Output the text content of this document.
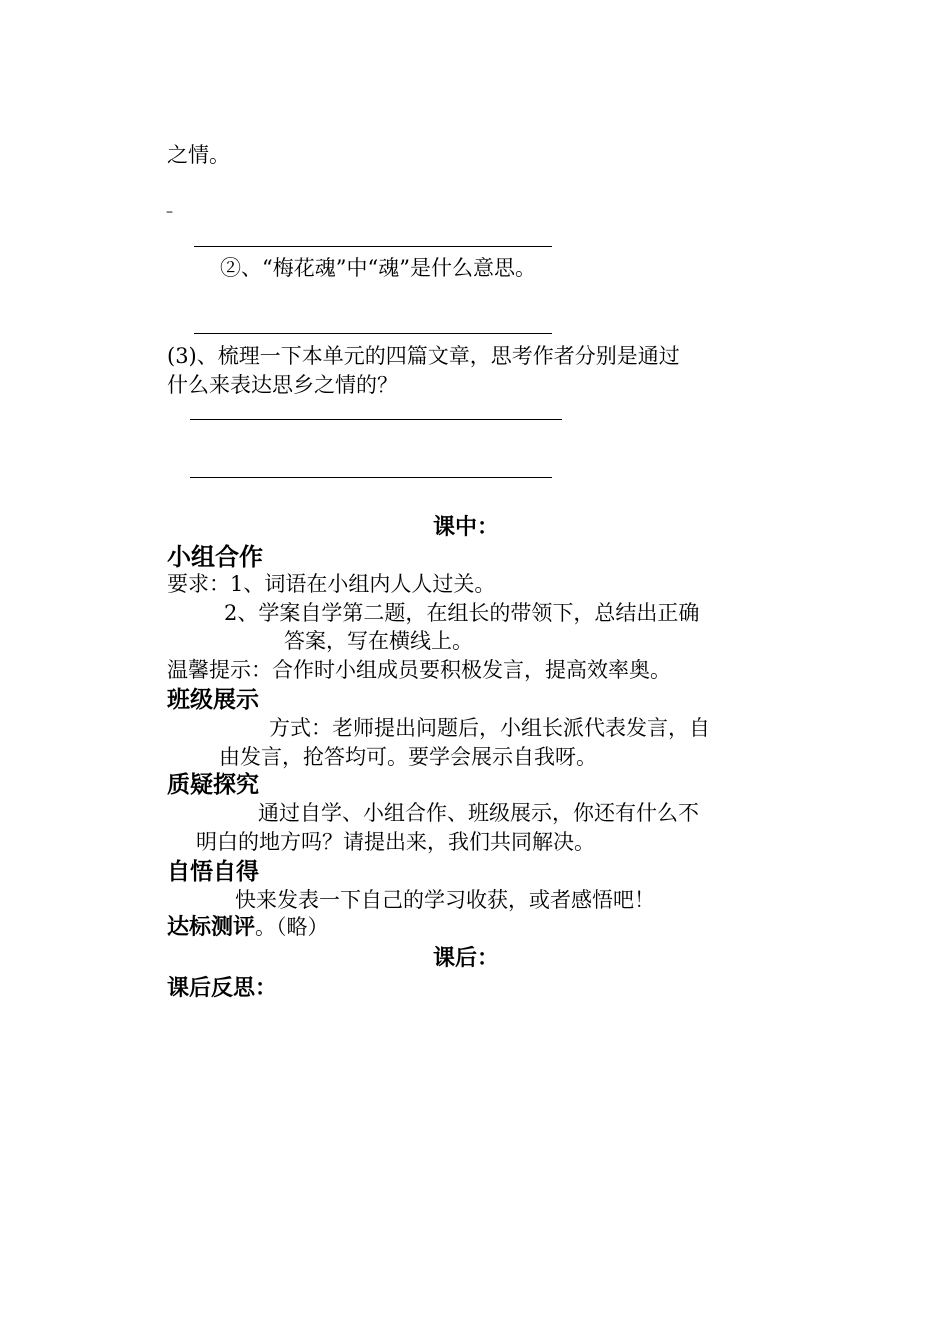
之情。
–
②、“梅花魂”中“魂”是什么意思。
(3)、梳理一下本单元的四篇文章，思考作者分别是通过
什么来表达思乡之情的？
课中：
小组合作
要求：1、词语在小组内人人过关。
2、学案自学第二题，在组长的带领下，总结出正确
答案，写在横线上。
温馨提示：合作时小组成员要积极发言，提高效率奥。
班级展示
方式：老师提出问题后，小组长派代表发言，自
由发言，抢答均可。要学会展示自我呀。
质疑探究
通过自学、小组合作、班级展示，你还有什么不
明白的地方吗？请提出来，我们共同解决。
自悟自得
快来发表一下自己的学习收获，或者感悟吧！
达标测评。（略）
课后：
课后反思：
